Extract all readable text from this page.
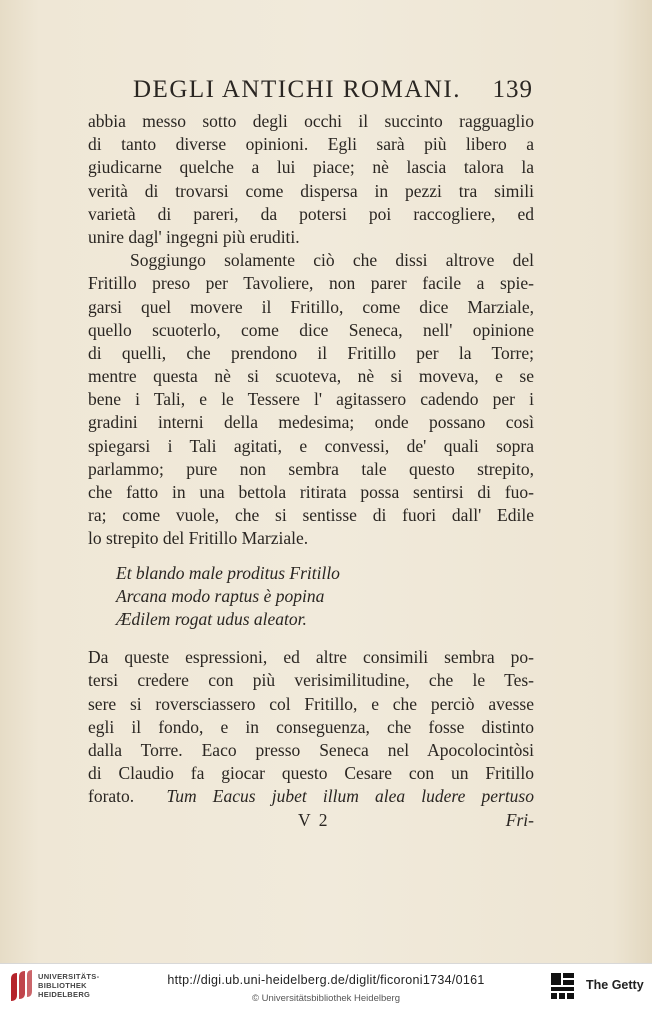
DEGLI ANTICHI ROMANI. 139
abbia messo sotto degli occhi il succinto ragguaglio
di tanto diverse opinioni. Egli sarà più libero a
giudicarne quelche a lui piace; nè lascia talora la
verità di trovarsi come dispersa in pezzi tra simili
varietà di pareri, da potersi poi raccogliere, ed
unire dagl' ingegni più eruditi.
Soggiungo solamente ciò che dissi altrove del
Fritillo preso per Tavoliere, non parer facile a spie-
garsi quel movere il Fritillo, come dice Marziale,
quello scuoterlo, come dice Seneca, nell' opinione
di quelli, che prendono il Fritillo per la Torre;
mentre questa nè si scuoteva, nè si moveva, e se
bene i Tali, e le Tessere l' agitassero cadendo per i
gradini interni della medesima; onde possano così
spiegarsi i Tali agitati, e convessi, de' quali sopra
parlammo; pure non sembra tale questo strepito,
che fatto in una bettola ritirata possa sentirsi di fuo-
ra; come vuole, che si sentisse di fuori dall' Edile
lo strepito del Fritillo Marziale.
Et blando male proditus Fritillo
Arcana modo raptus è popina
Ædilem rogat udus aleator.
Da queste espressioni, ed altre consimili sembra po-
tersi credere con più verisimilitudine, che le Tes-
sere si roversciassero col Fritillo, e che perciò avesse
egli il fondo, e in conseguenza, che fosse distinto
dalla Torre. Eaco presso Seneca nel Apocolocintòsi
di Claudio fa giocar questo Cesare con un Fritillo
forato. Tum Eacus jubet illum alea ludere pertuso
V 2	Fri-
UNIVERSITÄTS-
BIBLIOTHEK
HEIDELBERG
http://digi.ub.uni-heidelberg.de/diglit/ficoroni1734/0161
© Universitätsbibliothek Heidelberg
The Getty
